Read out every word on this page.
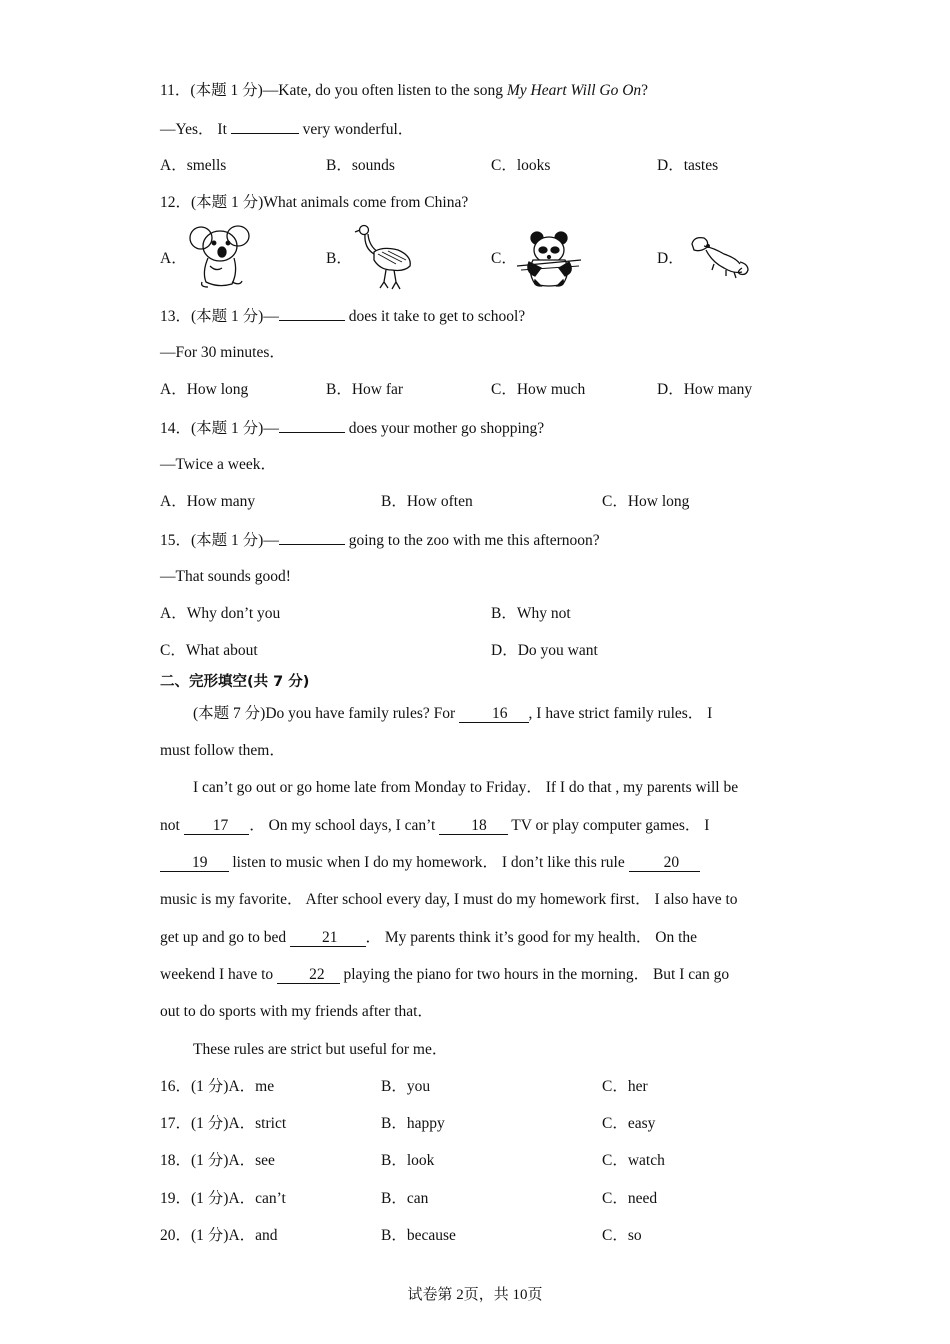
11．(本题 1 分)—Kate, do you often listen to the song My Heart Will Go On?
—Yes． It	very wonderful．
A．smells	B．sounds	C．looks	D．tastes
12．(本题 1 分)What animals come from China?
A．	B．	C．	D．
13．(本题 1 分)—	does it take to get to school?
—For 30 minutes．
A．How long	B．How far	C．How much	D．How many
14．(本题 1 分)—	does your mother go shopping?
—Twice a week．
A．How many	B．How often	C．How long
15．(本题 1 分)—	going to the zoo with me this afternoon?
—That sounds good!
A．Why don’t you	B．Why not
C．What about	D．Do you want
二、完形填空(共 7 分)
(本题 7 分)Do you have family rules? For 16 , I have strict family rules． I
must follow them．
I can’t go out or go home late from Monday to Friday． If I do that , my parents will be
not 17 ． On my school days, I can’t 18 TV or play computer games． I
19 listen to music when I do my homework． I don’t like this rule 20
music is my favorite． After school every day, I must do my homework first． I also have to
get up and go to bed 21 ． My parents think it’s good for my health． On the
weekend I have to 22 playing the piano for two hours in the morning． But I can go
out to do sports with my friends after that．
These rules are strict but useful for me．
16．(1 分)A．me	B．you	C．her
17．(1 分)A．strict	B．happy	C．easy
18．(1 分)A．see	B．look	C．watch
19．(1 分)A．can’t	B．can	C．need
20．(1 分)A．and	B．because	C．so
试卷第 2页，共 10页
